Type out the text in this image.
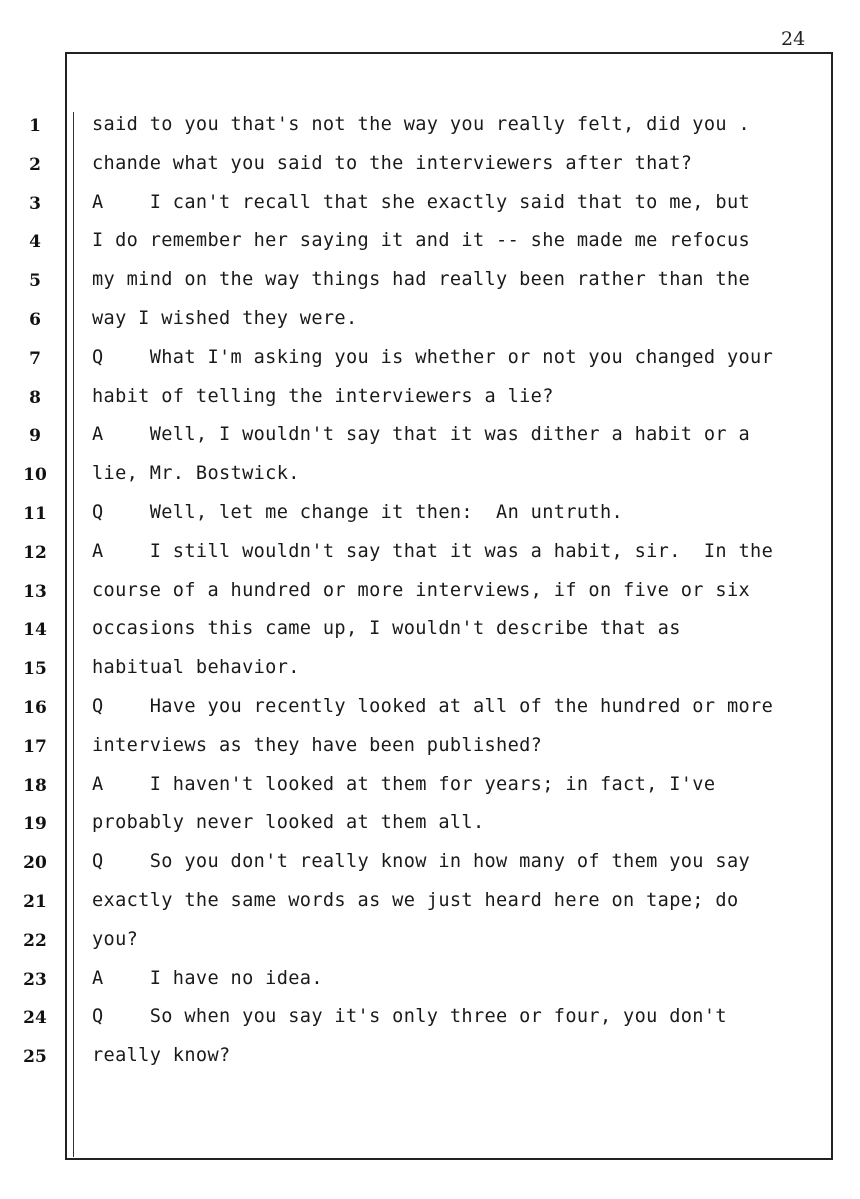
24
1	said to you that's not the way you really felt, did you .
2	chande what you said to the interviewers after that?
3	A    I can't recall that she exactly said that to me, but
4	I do remember her saying it and it -- she made me refocus
5	my mind on the way things had really been rather than the
6	way I wished they were.
7	Q    What I'm asking you is whether or not you changed your
8	habit of telling the interviewers a lie?
9	A    Well, I wouldn't say that it was dither a habit or a
10 lie, Mr. Bostwick.
11 Q    Well, let me change it then:  An untruth.
12 A    I still wouldn't say that it was a habit, sir.  In the
13 course of a hundred or more interviews, if on five or six
14 occasions this came up, I wouldn't describe that as
15 habitual behavior.
16 Q    Have you recently looked at all of the hundred or more
17 interviews as they have been published?
18 A    I haven't looked at them for years; in fact, I've
19 probably never looked at them all.
20 Q    So you don't really know in how many of them you say
21 exactly the same words as we just heard here on tape; do
22 you?
23 A    I have no idea.
24 Q    So when you say it's only three or four, you don't
25 really know?
